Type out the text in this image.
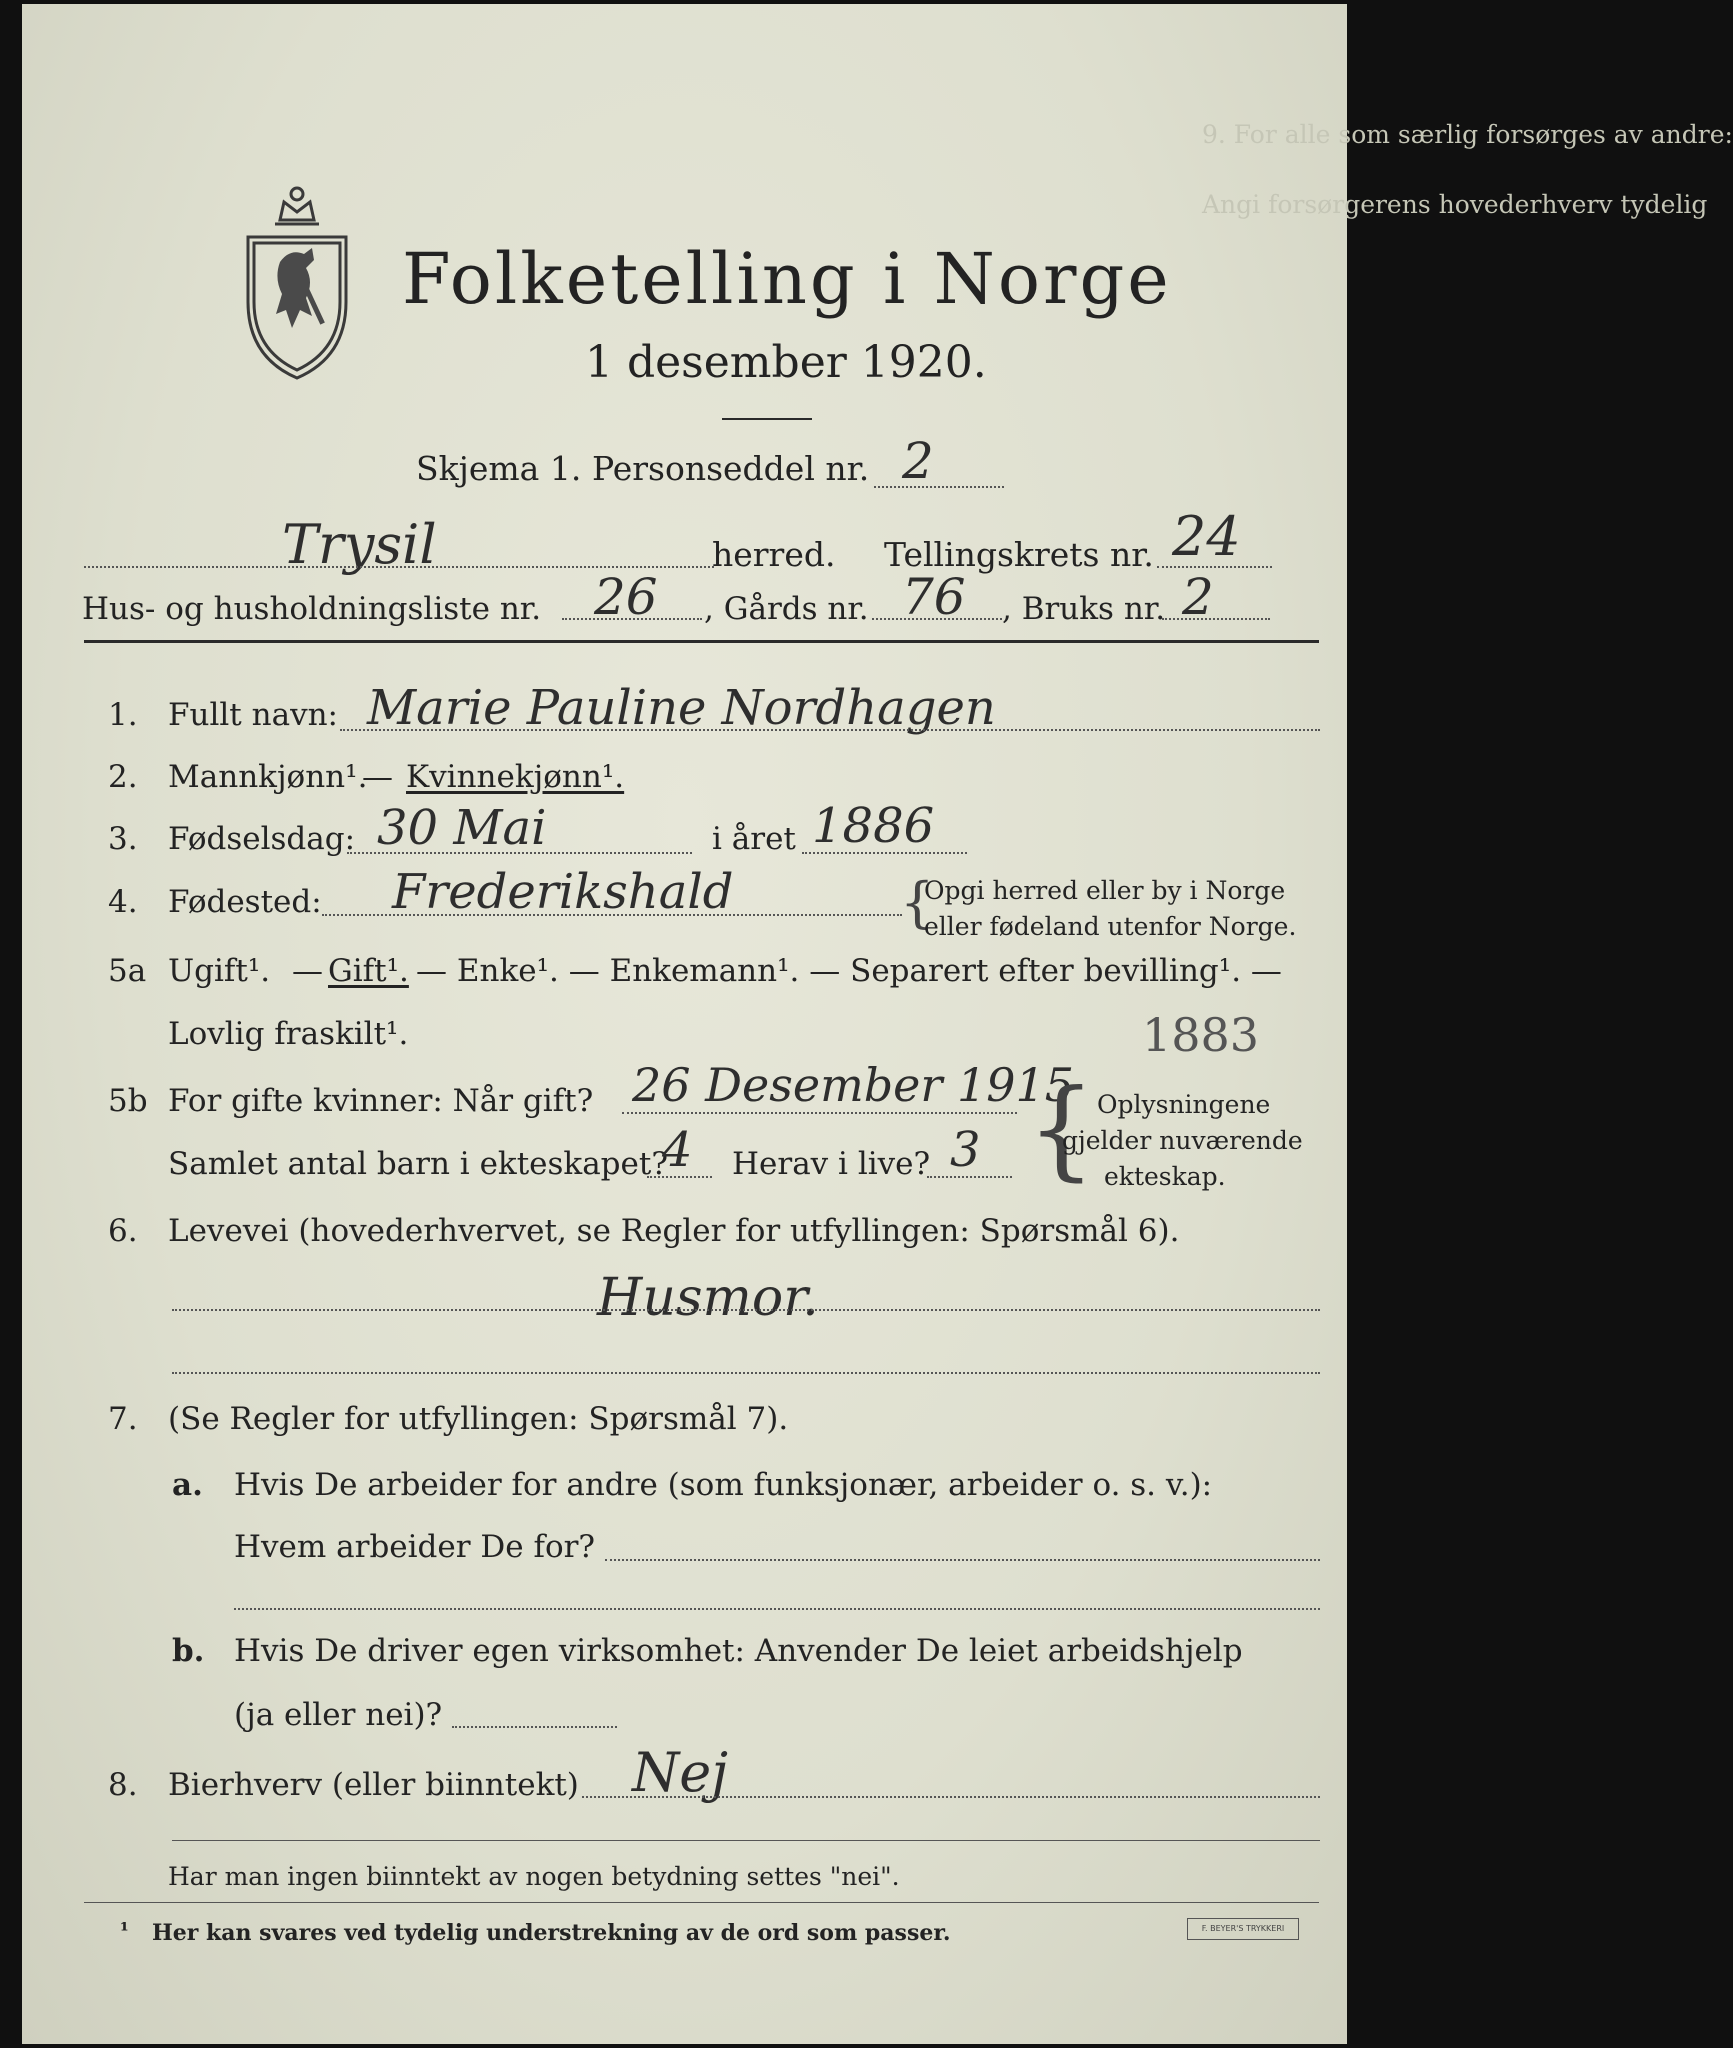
9. For alle som særlig forsørges av andre:
Angi forsørgerens hovederhverv tydelig
Folketelling i Norge
1 desember 1920.
Skjema 1. Personseddel nr. 2
Trysil	herred. Tellingskrets nr. 24
Hus- og husholdningsliste nr. 26 , Gårds nr. 76 , Bruks nr. 2
1. Fullt navn: Marie Pauline Nordhagen
2. Mannkjønn¹.
— Kvinnekjønn¹.
3. Fødselsdag: 30 Mai	i året 1886
4. Fødested: Frederikshald	{
Opgi herred eller by i Norge
eller fødeland utenfor Norge.
5a Ugift¹. — Gift¹. — Enke¹. — Enkemann¹. — Separert efter bevilling¹. —
Lovlig fraskilt¹.	1883
5b For gifte kvinner: Når gift? 26 Desember 1915
Samlet antal barn i ekteskapet?
4 Herav i live? 3 { Oplysningene
gjelder nuværende
ekteskap.
6. Levevei (hovederhvervet, se Regler for utfyllingen: Spørsmål 6).
Husmor.
7. (Se Regler for utfyllingen: Spørsmål 7).
a. Hvis De arbeider for andre (som funksjonær, arbeider o. s. v.):
Hvem arbeider De for?
b. Hvis De driver egen virksomhet: Anvender De leiet arbeidshjelp
(ja eller nei)?
8. Bierhverv (eller biinntekt) Nej
Har man ingen biinntekt av nogen betydning settes "nei".
¹ Her kan svares ved tydelig understrekning av de ord som passer.	F. BEYER'S TRYKKERI
